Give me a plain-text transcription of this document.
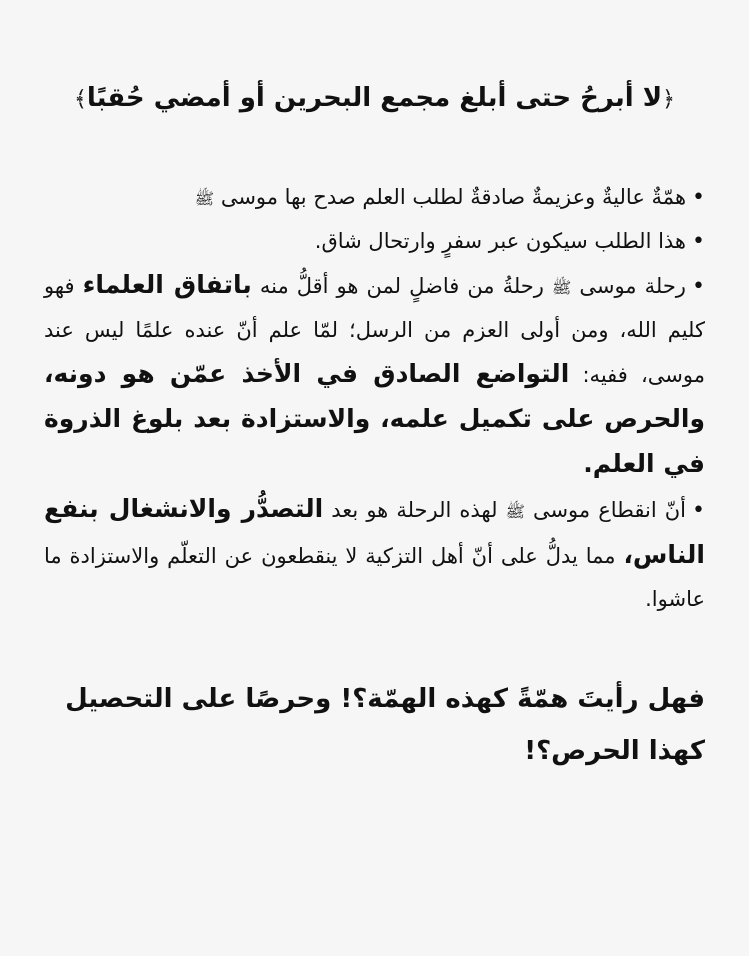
﴿لا أبرحُ حتى أبلغ مجمع البحرين أو أمضي حُقبًا﴾

•همّةٌ عاليةٌ وعزيمةٌ صادقةٌ لطلب العلم صدح بها موسى ﷺ

•هذا الطلب سيكون عبر سفرٍ وارتحال شاق.

•رحلة موسى ﷺ رحلةُ من فاضلٍ لمن هو أقلُّ منه باتفاق العلماء فهو كليم الله، ومن أولى العزم من الرسل؛ لمّا علم أنّ عنده علمًا ليس عند موسى، ففيه: التواضع الصادق في الأخذ عمّن هو دونه، والحرص على تكميل علمه، والاستزادة بعد بلوغ الذروة في العلم.

•أنّ انقطاع موسى ﷺ لهذه الرحلة هو بعد التصدُّر والانشغال بنفع الناس، مما يدلُّ على أنّ أهل التزكية لا ينقطعون عن التعلّم والاستزادة ما عاشوا.

فهل رأيتَ همّةً كهذه الهمّة؟! وحرصًا على التحصيل كهذا الحرص؟!
